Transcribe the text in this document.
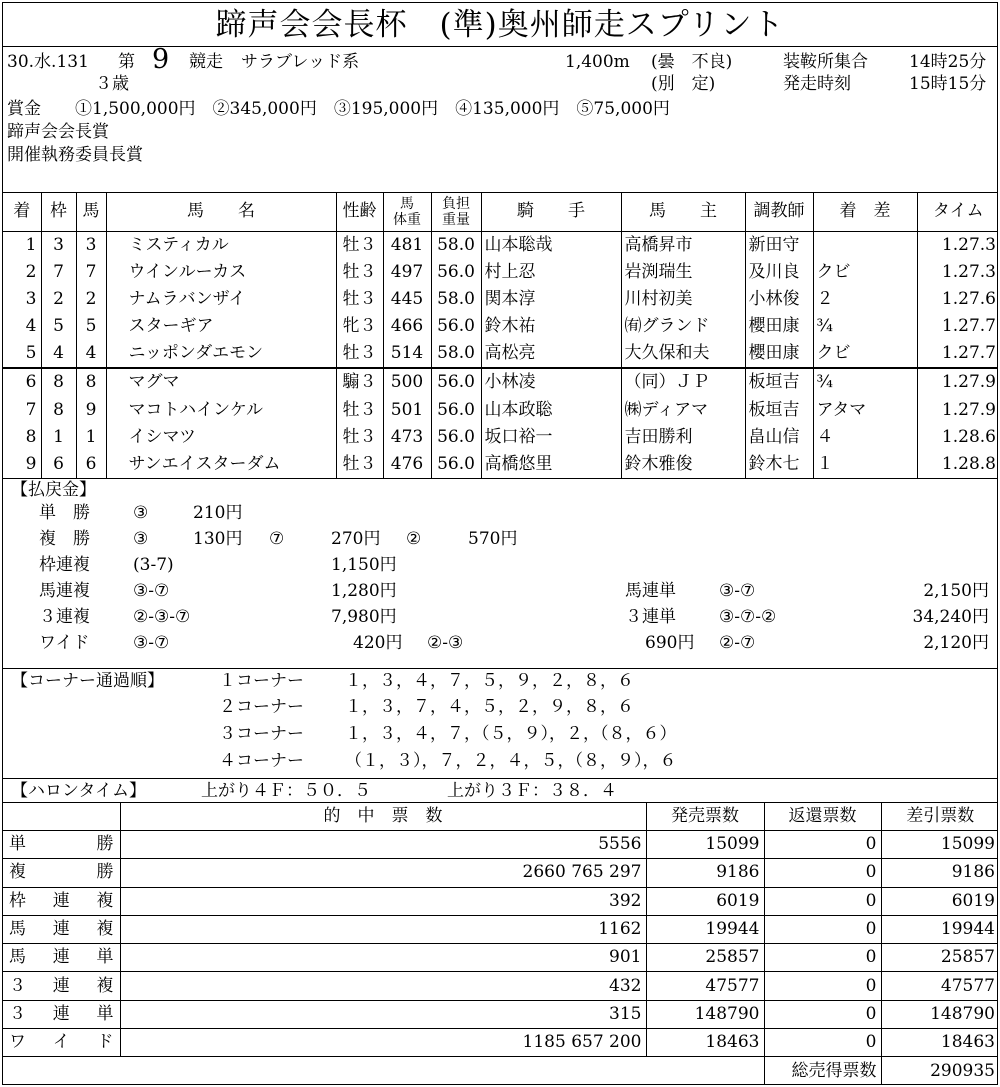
蹄声会会長杯　(準)奥州師走スプリント
30.水.131 第 9 競走 サラブレッド系
３歳
1,400m (曇　不良)
(別　定)
装鞍所集合 14時25分
発走時刻	15時15分
賞金　　①1,500,000円　②345,000円　③195,000円　④135,000円　⑤75,000円
蹄声会会長賞
開催執務委員長賞
着	枠	馬	馬　　名	性齢	馬
体重	負担
重量	騎　　手	馬　　主	調教師	着　差	タイム
1	3	3	ミスティカル	牡３	481	58.0	山本聡哉	高橋昇市	新田守		1.27.3
2	7	7	ウインルーカス	牡３	497	56.0	村上忍	岩渕瑞生	及川良	クビ	1.27.3
3	2	2	ナムラバンザイ	牡３	445	58.0	関本淳	川村初美	小林俊	２	1.27.6
4	5	5	スターギア	牝３	466	56.0	鈴木祐	㈲グランド	櫻田康	¾	1.27.7
5	4	4	ニッポンダエモン	牡３	514	58.0	高松亮	大久保和夫	櫻田康	クビ	1.27.7
6	8	8	マグマ	騸３	500	56.0	小林凌	（同）ＪＰ	板垣吉	¾	1.27.9
7	8	9	マコトハインケル	牡３	501	56.0	山本政聡	㈱ディアマ	板垣吉	アタマ	1.27.9
8	1	1	イシマツ	牡３	473	56.0	坂口裕一	吉田勝利	畠山信	４	1.28.6
9	6	6	サンエイスターダム	牡３	476	56.0	高橋悠里	鈴木雅俊	鈴木七	１	1.28.8
【払戻金】
単　勝	③	210円
複　勝	③	130円 ⑦	270円 ②	570円
枠連複	(3-7)	1,150円
馬連複	③-⑦	1,280円	馬連単	③-⑦	2,150円
３連複	②-③-⑦	7,980円	３連単	③-⑦-②	34,240円
ワイド	③-⑦	420円 ②-③	690円 ②-⑦	2,120円
【コーナー通過順】	１コーナー １，３，４，７，５，９，２，８，６
２コーナー １，３，７，４，５，２，９，８，６
３コーナー １，３，４，７，（５，９），２，（８，６）
４コーナー （１，３），７，２，４，５，（８，９），６
【ハロンタイム】	上がり４Ｆ：５０．５	上がり３Ｆ：３８．４
	的　中　票　数	発売票数	返還票数	差引票数

単 勝	5556	15099	0	15099

複 勝	2660 765 297	9186	0	9186

枠 連 複	392	6019	0	6019

馬 連 複	1162	19944	0	19944

馬 連 単	901	25857	0	25857

３ 連 複	432	47577	0	47577

３ 連 単	315	148790	0	148790

ワ イ ド	1185 657 200	18463	0	18463
			総売得票数	290935
